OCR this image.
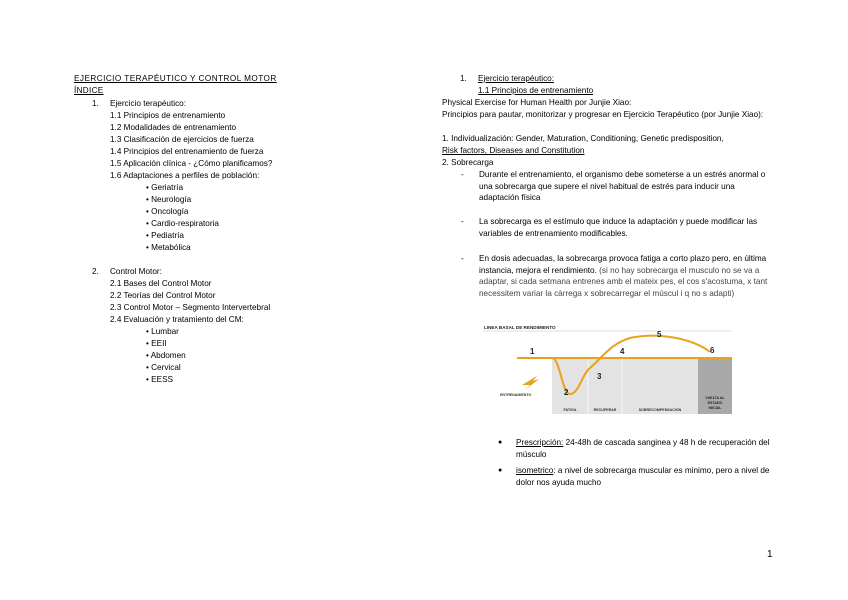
EJERCICIO TERAPÉUTICO Y CONTROL MOTOR
ÍNDICE
1. Ejercicio terapéutico:
1.1 Principios de entrenamiento
1.2 Modalidades de entrenamiento
1.3 Clasificación de ejercicios de fuerza
1.4 Principios del entrenamiento de fuerza
1.5 Aplicación clínica - ¿Cómo planificamos?
1.6 Adaptaciones a perfiles de población:
• Geriatría
• Neurología
• Oncología
• Cardio-respiratoria
• Pediatría
• Metabólica
2. Control Motor:
2.1 Bases del Control Motor
2.2 Teorías del Control Motor
2.3 Control Motor – Segmento Intervertebral
2.4 Evaluación y tratamiento del CM:
• Lumbar
• EEII
• Abdomen
• Cervical
• EESS
1. Ejercicio terapéutico:
1.1 Principios de entrenamiento
Physical Exercise for Human Health por Junjie Xiao:
Principios para pautar, monitorizar y progresar en Ejercicio Terapéutico (por Junjie Xiao):
1. Individualización: Gender, Maturation, Conditioning, Genetic predisposition,
Risk factors, Diseases and Constitution
2. Sobrecarga
- Durante el entrenamiento, el organismo debe someterse a un estrés anormal o una sobrecarga que supere el nivel habitual de estrés para inducir una adaptación física
- La sobrecarga es el estímulo que induce la adaptación y puede modificar las variables de entrenamiento modificables.
- En dosis adecuadas, la sobrecarga provoca fatiga a corto plazo pero, en última instancia, mejora el rendimiento. (si no hay sobrecarga el musculo no se va a adaptar, si cada setmana entrenes amb el mateix pes, el cos s'acostuma, x tant necessitem variar la càrrega x sobrecarregar el múscul i q no s adapti)
LINEA BASAL DE RENDIMIENTO
1
2
3
4
5
6
ENTRENAMIENTO
FATIGA	RECUPERAR	SOBRECOMPENSACIÓN
VUELTA AL
ESTADO
INICIAL
● Prescripción: 24-48h de cascada sanginea y 48 h de recuperación del músculo
● isometrico: a nivel de sobrecarga muscular es minimo, pero a nivel de dolor nos ayuda mucho
1
